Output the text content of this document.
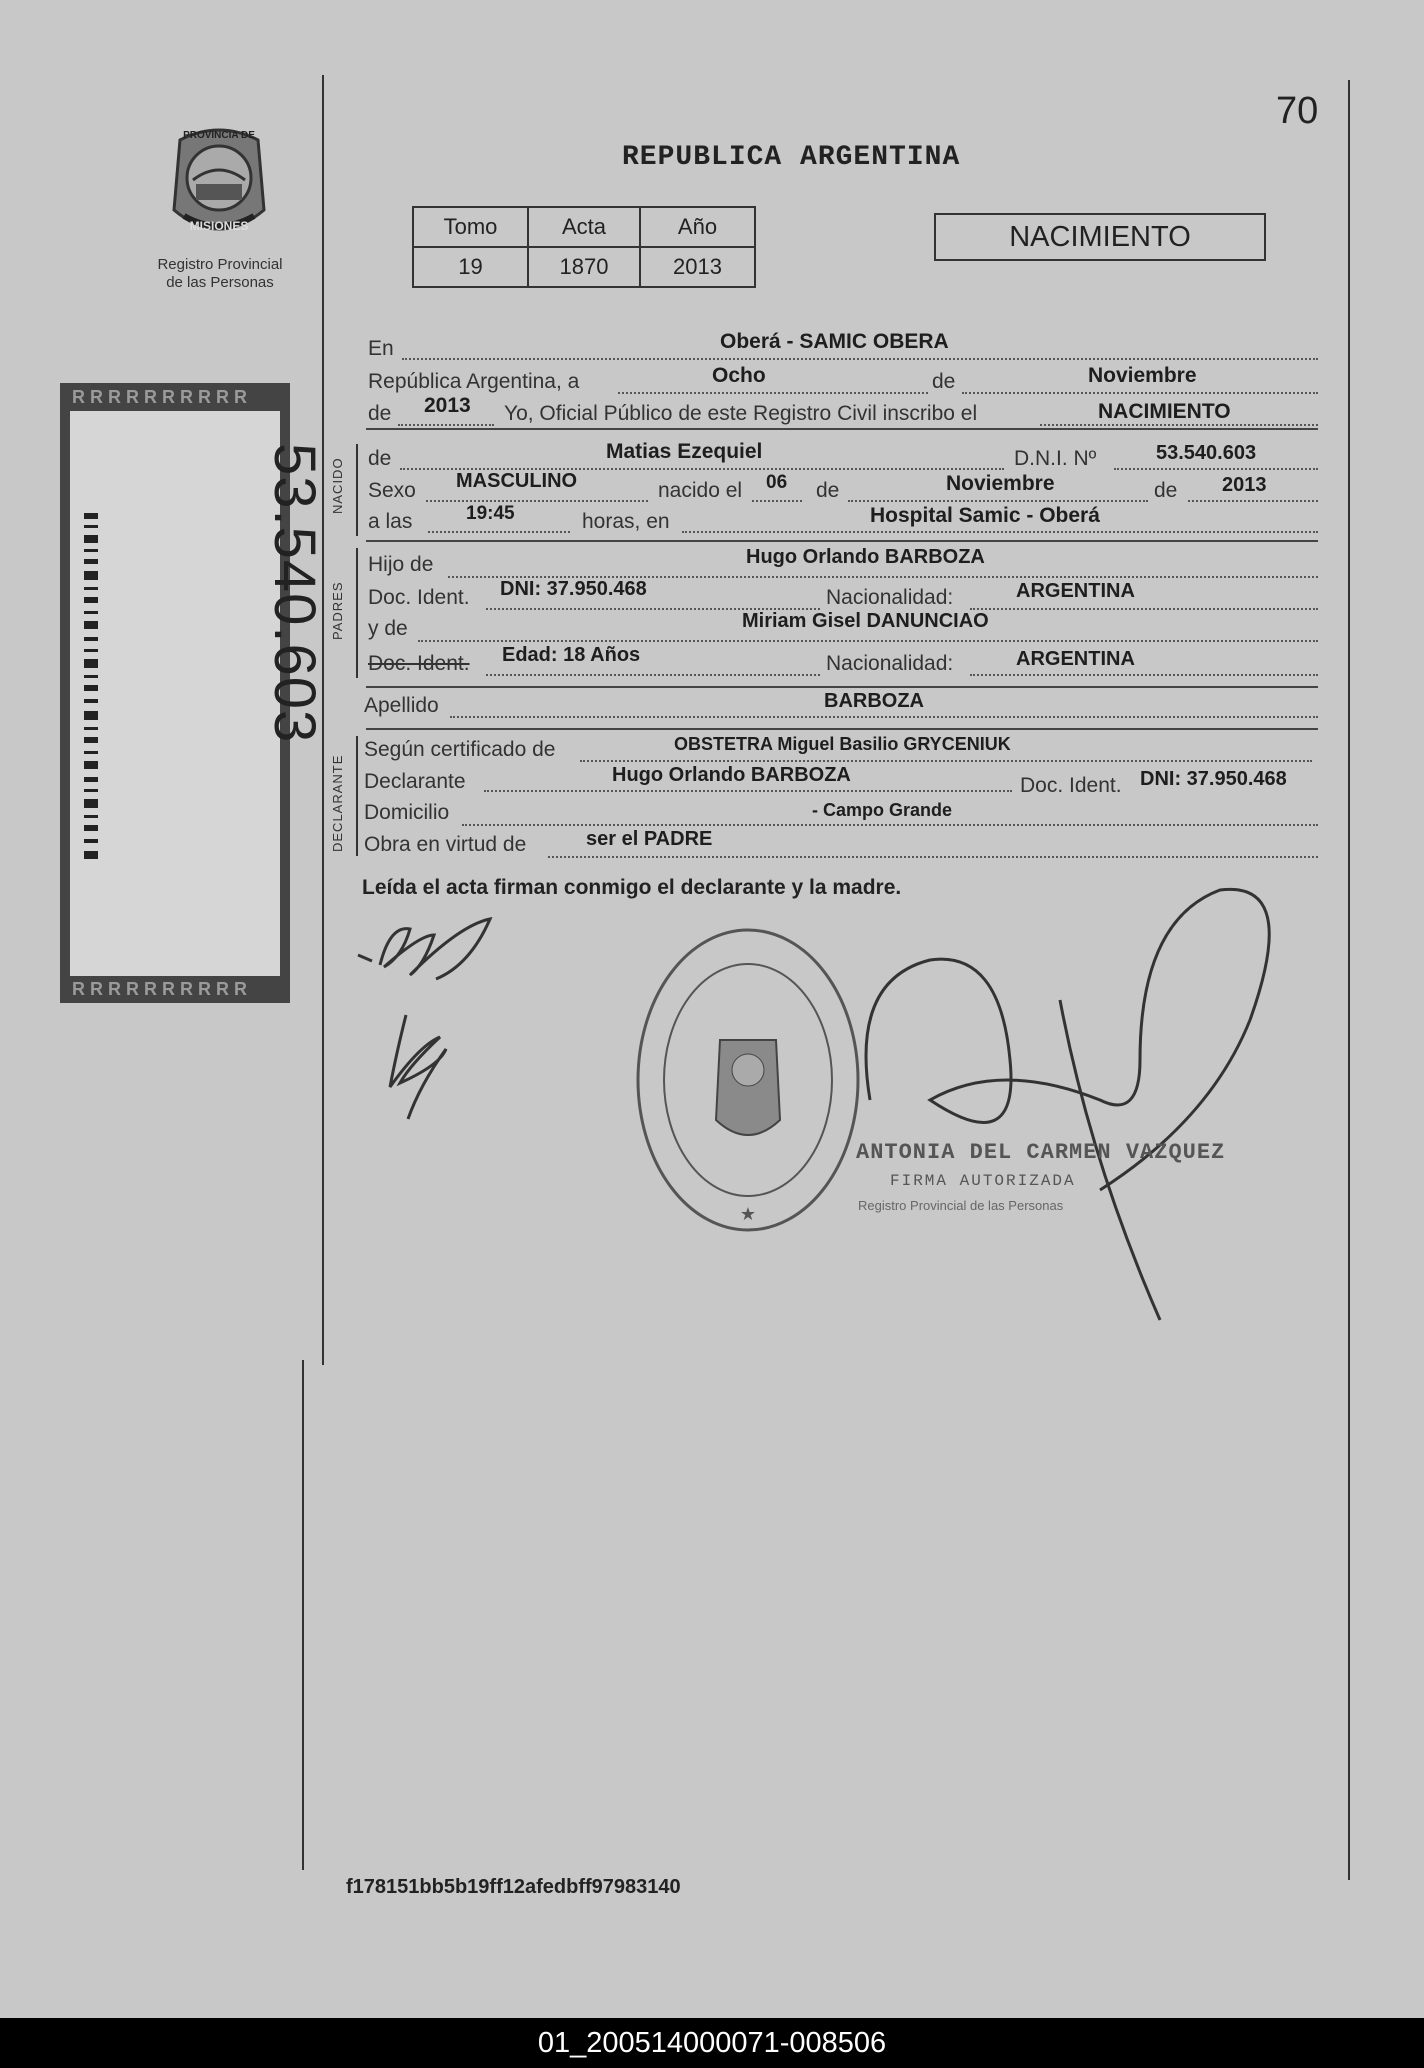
70
REPUBLICA ARGENTINA
PROVINCIA DE
MISIONES
Registro Provincial
de las Personas
Tomo	Acta	Año
19	1870	2013
NACIMIENTO
R R R R R R R R R R
R R R R R R R R R R
53.540.603 NACIDO
PADRES
DECLARANTE
En	Oberá - SAMIC OBERA
República Argentina, a	Ocho	de	Noviembre
de 2013 Yo, Oficial Público de este Registro Civil inscribo el	NACIMIENTO
de	Matias Ezequiel	D.N.I. Nº	53.540.603
Sexo MASCULINO	nacido el 06 de	Noviembre	de 2013
a las	19:45	horas, en	Hospital Samic - Oberá
Hijo de	Hugo Orlando BARBOZA
Doc. Ident. DNI: 37.950.468	Nacionalidad:	ARGENTINA
y de	Miriam Gisel DANUNCIAO
Doc. Ident. Edad: 18 Años	Nacionalidad:	ARGENTINA
Apellido	BARBOZA
Según certificado de	OBSTETRA Miguel Basilio GRYCENIUK
Declarante	Hugo Orlando BARBOZA	Doc. Ident. DNI: 37.950.468
Domicilio	- Campo Grande
Obra en virtud de	ser el PADRE
Leída el acta firman conmigo el declarante y la madre.
★
ANTONIA DEL CARMEN VAZQUEZ
FIRMA AUTORIZADA
Registro Provincial de las Personas
f178151bb5b19ff12afedbff97983140
01_200514000071-008506
